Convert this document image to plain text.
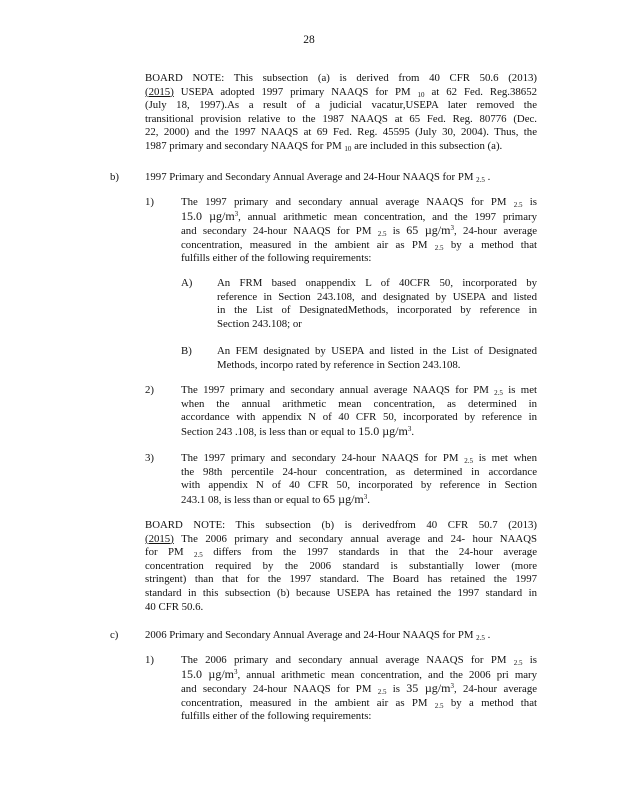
28
BOARD NOTE: This subsection (a) is derived from 40 CFR 50.6 (2013)
(2015) USEPA adopted 1997 primary NAAQS for PM $_{10}$ at 62 Fed. Reg.38652
(July 18, 1997).As a result of a judicial vacatur,USEPA later removed the
transitional provision relative to the 1987 NAAQS at 65 Fed. Reg. 80776 (Dec.
22, 2000) and the 1997 NAAQS at 69 Fed. Reg. 45595 (July 30, 2004). Thus, the
1987 primary and secondary NAAQS for PM $_{10}$ are included in this subsection (a).
b) 1997 Primary and Secondary Annual Average and 24-Hour NAAQS for PM $_{2.5}$ .
1)	The 1997 primary and secondary annual average NAAQS for PM $_{2.5}$ is
15.0 $\mu g/m^3$, annual arithmetic mean concentration, and the 1997 primary
and secondary 24-hour NAAQS for PM $_{2.5}$ is 65 $\mu g/m^3$, 24-hour average
concentration, measured in the ambient air as PM $_{2.5}$ by a method that
fulfills either of the following requirements:
A) An FRM based onappendix L of 40CFR 50, incorporated by
reference in Section 243.108, and designated by USEPA and listed
in the List of DesignatedMethods, incorporated by reference in
Section 243.108; or
B) An FEM designated by USEPA and listed in the List of Designated
Methods, incorpo rated by reference in Section 243.108.
2)	The 1997 primary and secondary annual average NAAQS for PM $_{2.5}$ is met
when the annual arithmetic mean concentration, as determined in
accordance with appendix N of 40 CFR 50, incorporated by reference in
Section 243 .108, is less than or equal to 15.0 $\mu g/m^3$.
3)	The 1997 primary and secondary 24-hour NAAQS for PM $_{2.5}$ is met when
the 98th percentile 24-hour concentration, as determined in accordance
with appendix N of 40 CFR 50, incorporated by reference in Section
243.1 08, is less than or equal to 65 $\mu g/m^3$.
BOARD NOTE: This subsection (b) is derivedfrom 40 CFR 50.7 (2013)
(2015) The 2006 primary and secondary annual average and 24- hour NAAQS
for PM $_{2.5}$ differs from the 1997 standards in that the 24-hour average
concentration required by the 2006 standard is substantially lower (more
stringent) than that for the 1997 standard. The Board has retained the 1997
standard in this subsection (b) because USEPA has retained the 1997 standard in
40 CFR 50.6.
c) 2006 Primary and Secondary Annual Average and 24-Hour NAAQS for PM $_{2.5}$ .
1)	The 2006 primary and secondary annual average NAAQS for PM $_{2.5}$ is
15.0 $\mu g/m^3$, annual arithmetic mean concentration, and the 2006 pri mary
and secondary 24-hour NAAQS for PM $_{2.5}$ is 35 $\mu g/m^3$, 24-hour average
concentration, measured in the ambient air as PM $_{2.5}$ by a method that
fulfills either of the following requirements:
